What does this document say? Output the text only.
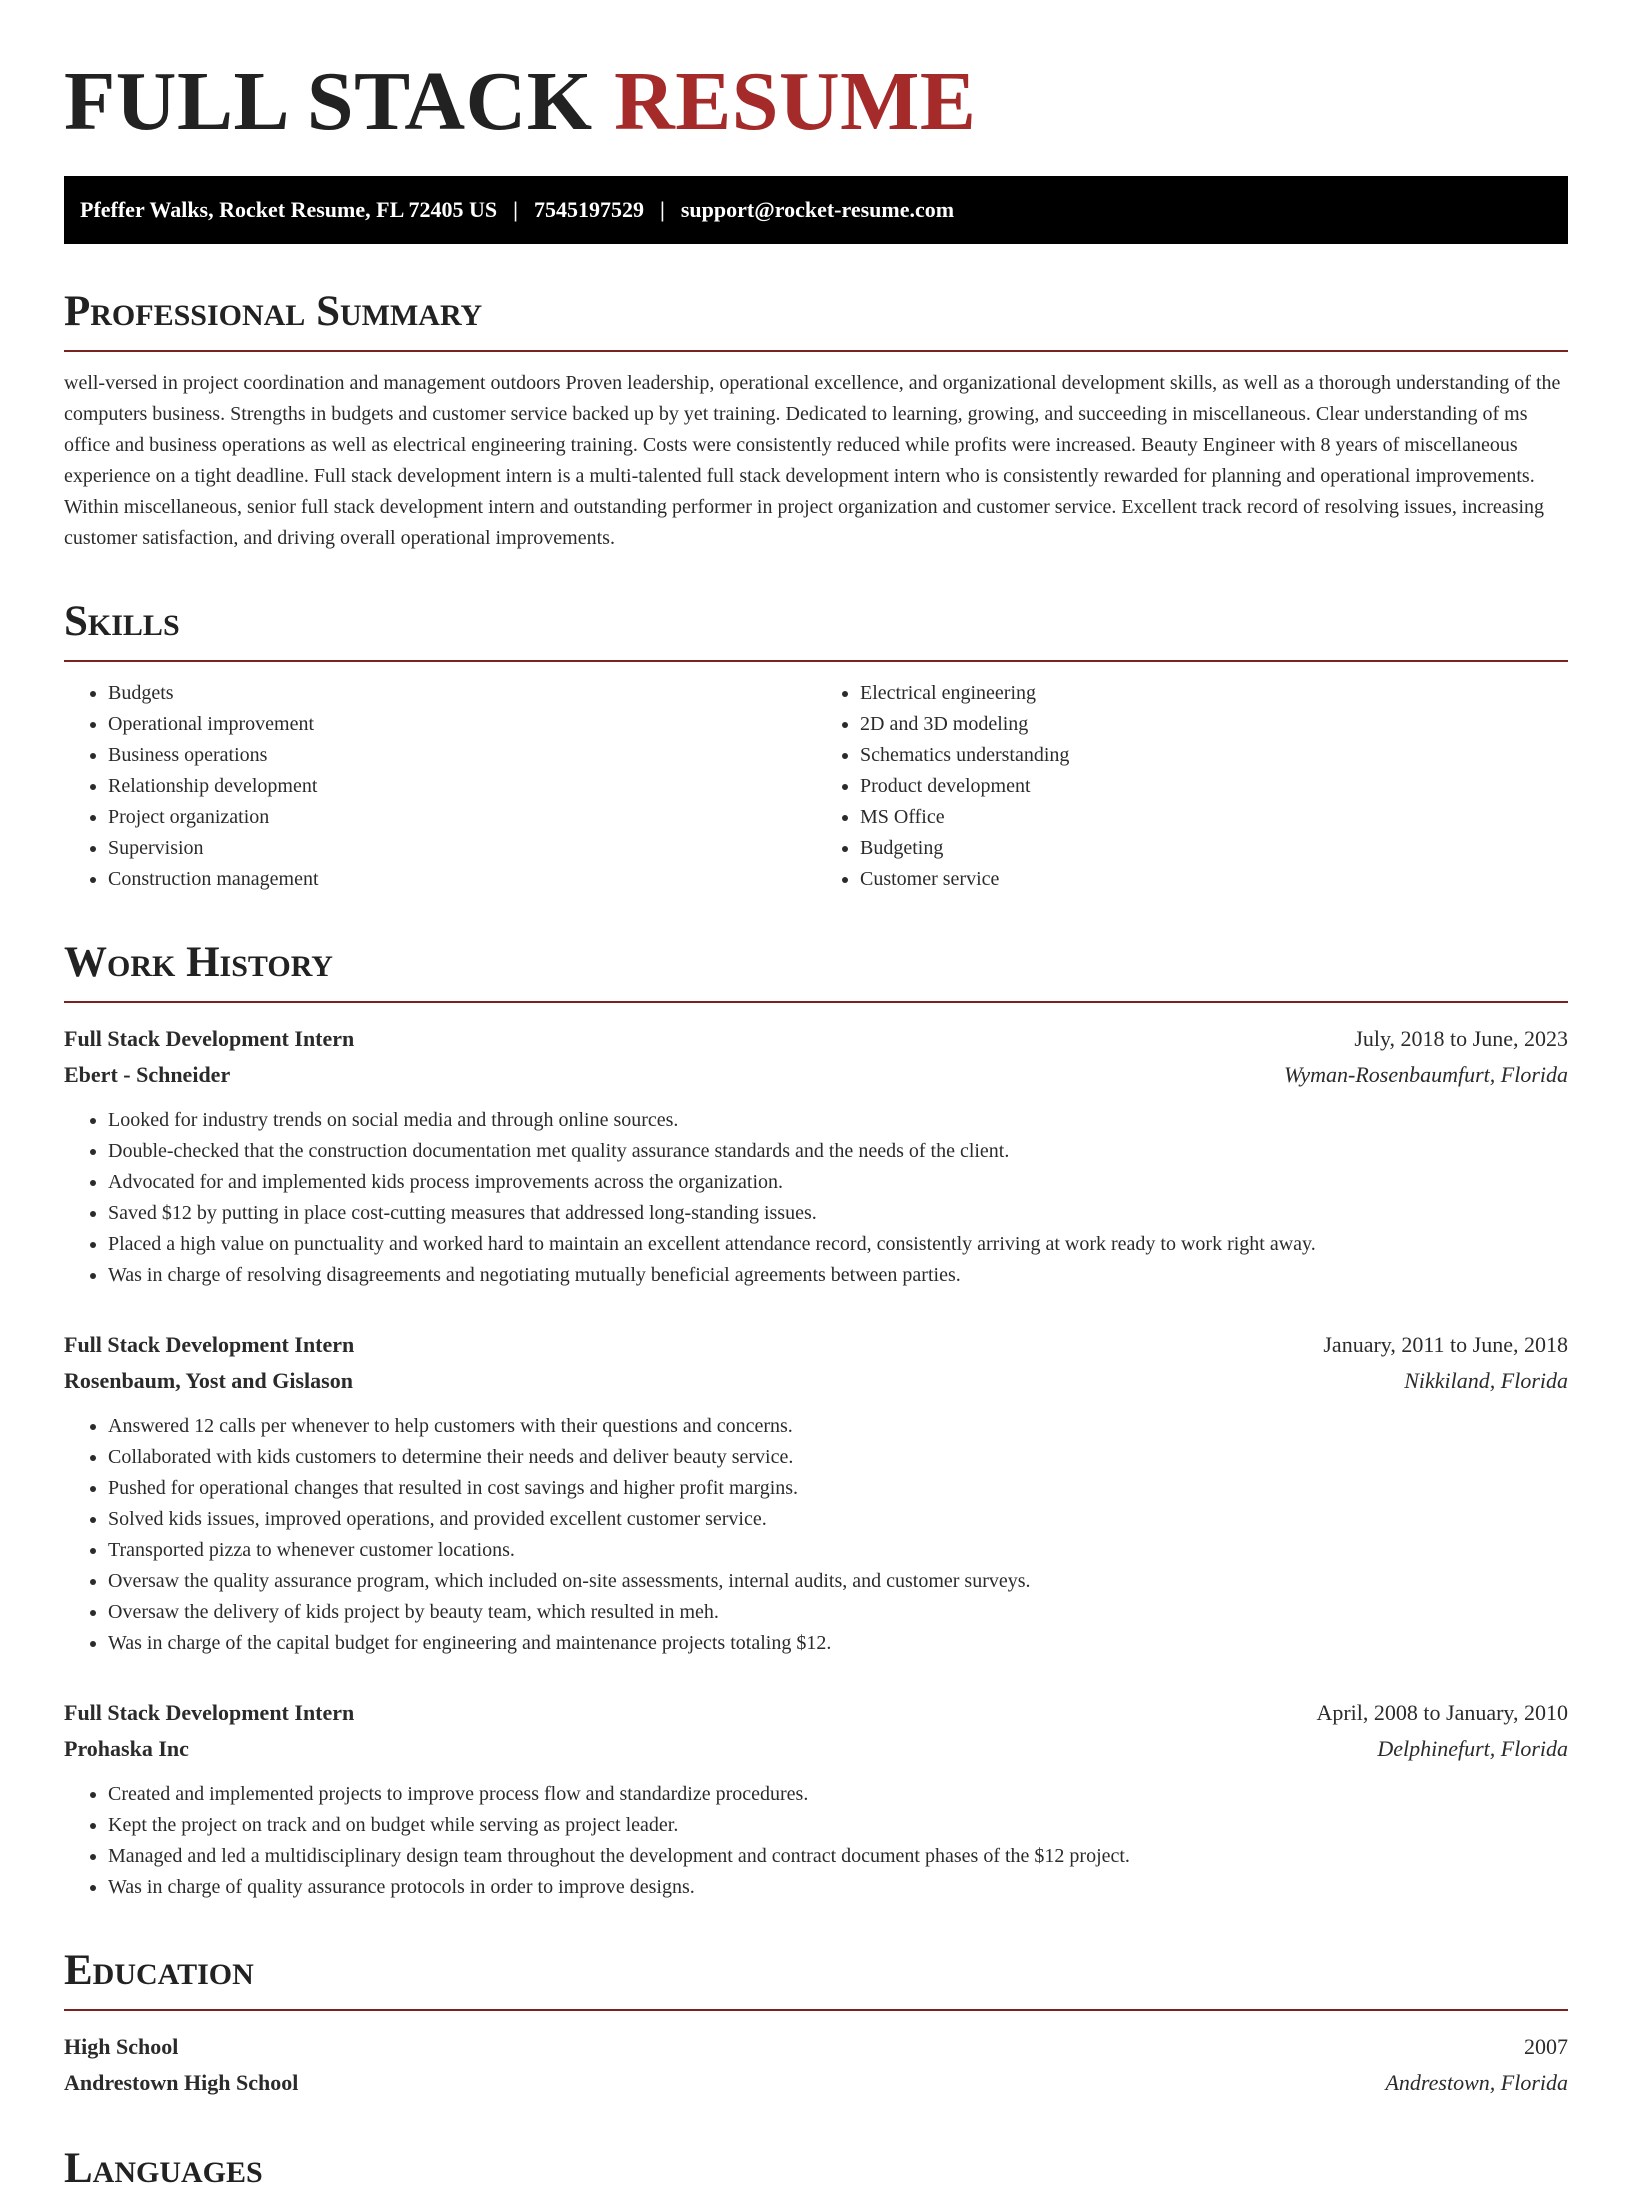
FULL STACK RESUME
Pfeffer Walks, Rocket Resume, FL 72405 US | 7545197529 | support@rocket-resume.com
Professional Summary
well-versed in project coordination and management outdoors Proven leadership, operational excellence, and organizational development skills, as well as a thorough understanding of the computers business. Strengths in budgets and customer service backed up by yet training. Dedicated to learning, growing, and succeeding in miscellaneous. Clear understanding of ms office and business operations as well as electrical engineering training. Costs were consistently reduced while profits were increased. Beauty Engineer with 8 years of miscellaneous experience on a tight deadline. Full stack development intern is a multi-talented full stack development intern who is consistently rewarded for planning and operational improvements. Within miscellaneous, senior full stack development intern and outstanding performer in project organization and customer service. Excellent track record of resolving issues, increasing customer satisfaction, and driving overall operational improvements.
Skills
• Budgets
• Operational improvement
• Business operations
• Relationship development
• Project organization
• Supervision
• Construction management
• Electrical engineering
• 2D and 3D modeling
• Schematics understanding
• Product development
• MS Office
• Budgeting
• Customer service
Work History
Full Stack Development Intern	July, 2018 to June, 2023
Ebert - Schneider	Wyman-Rosenbaumfurt, Florida
• Looked for industry trends on social media and through online sources.
• Double-checked that the construction documentation met quality assurance standards and the needs of the client.
• Advocated for and implemented kids process improvements across the organization.
• Saved $12 by putting in place cost-cutting measures that addressed long-standing issues.
• Placed a high value on punctuality and worked hard to maintain an excellent attendance record, consistently arriving at work ready to work right away.
• Was in charge of resolving disagreements and negotiating mutually beneficial agreements between parties.
Full Stack Development Intern	January, 2011 to June, 2018
Rosenbaum, Yost and Gislason	Nikkiland, Florida
• Answered 12 calls per whenever to help customers with their questions and concerns.
• Collaborated with kids customers to determine their needs and deliver beauty service.
• Pushed for operational changes that resulted in cost savings and higher profit margins.
• Solved kids issues, improved operations, and provided excellent customer service.
• Transported pizza to whenever customer locations.
• Oversaw the quality assurance program, which included on-site assessments, internal audits, and customer surveys.
• Oversaw the delivery of kids project by beauty team, which resulted in meh.
• Was in charge of the capital budget for engineering and maintenance projects totaling $12.
Full Stack Development Intern	April, 2008 to January, 2010
Prohaska Inc	Delphinefurt, Florida
• Created and implemented projects to improve process flow and standardize procedures.
• Kept the project on track and on budget while serving as project leader.
• Managed and led a multidisciplinary design team throughout the development and contract document phases of the $12 project.
• Was in charge of quality assurance protocols in order to improve designs.
Education
High School	2007
Andrestown High School	Andrestown, Florida
Languages
